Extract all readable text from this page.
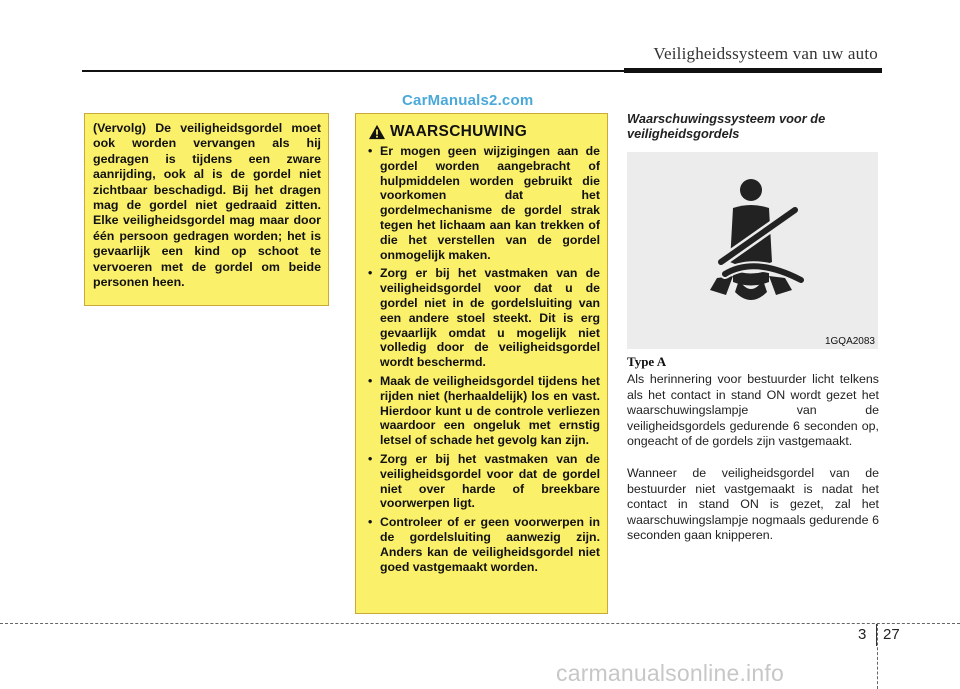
Veiligheidssysteem van uw auto
CarManuals2.com

(Vervolg) De veiligheidsgordel moet ook worden vervangen als hij gedragen is tijdens een zware aanrijding, ook al is de gordel niet zichtbaar beschadigd. Bij het dragen mag de gordel niet gedraaid zitten. Elke veiligheidsgordel mag maar door één persoon gedragen worden; het is gevaarlijk een kind op schoot te vervoeren met de gordel om beide personen heen.

WAARSCHUWING
• Er mogen geen wijzigingen aan de gordel worden aangebracht of hulpmiddelen worden gebruikt die voorkomen dat het gordelmechanisme de gordel strak tegen het lichaam aan kan trekken of die het verstellen van de gordel onmogelijk maken.
• Zorg er bij het vastmaken van de veiligheidsgordel voor dat u de gordel niet in de gordelsluiting van een andere stoel steekt. Dit is erg gevaarlijk omdat u mogelijk niet volledig door de veiligheidsgordel wordt beschermd.
• Maak de veiligheidsgordel tijdens het rijden niet (herhaaldelijk) los en vast. Hierdoor kunt u de controle verliezen waardoor een ongeluk met ernstig letsel of schade het gevolg kan zijn.
• Zorg er bij het vastmaken van de veiligheidsgordel voor dat de gordel niet over harde of breekbare voorwerpen ligt.
• Controleer of er geen voorwerpen in de gordelsluiting aanwezig zijn. Anders kan de veiligheidsgordel niet goed vastgemaakt worden.
Waarschuwingssysteem voor de veiligheidsgordels
1GQA2083
Type A

Als herinnering voor bestuurder licht telkens als het contact in stand ON wordt gezet het waarschuwingslampje van de veiligheidsgordels gedurende 6 seconden op, ongeacht of de gordels zijn vastgemaakt.

Wanneer de veiligheidsgordel van de bestuurder niet vastgemaakt is nadat het contact in stand ON is gezet, zal het waarschuwingslampje nogmaals gedurende 6 seconden gaan knipperen.

3 27
carmanualsonline.info
